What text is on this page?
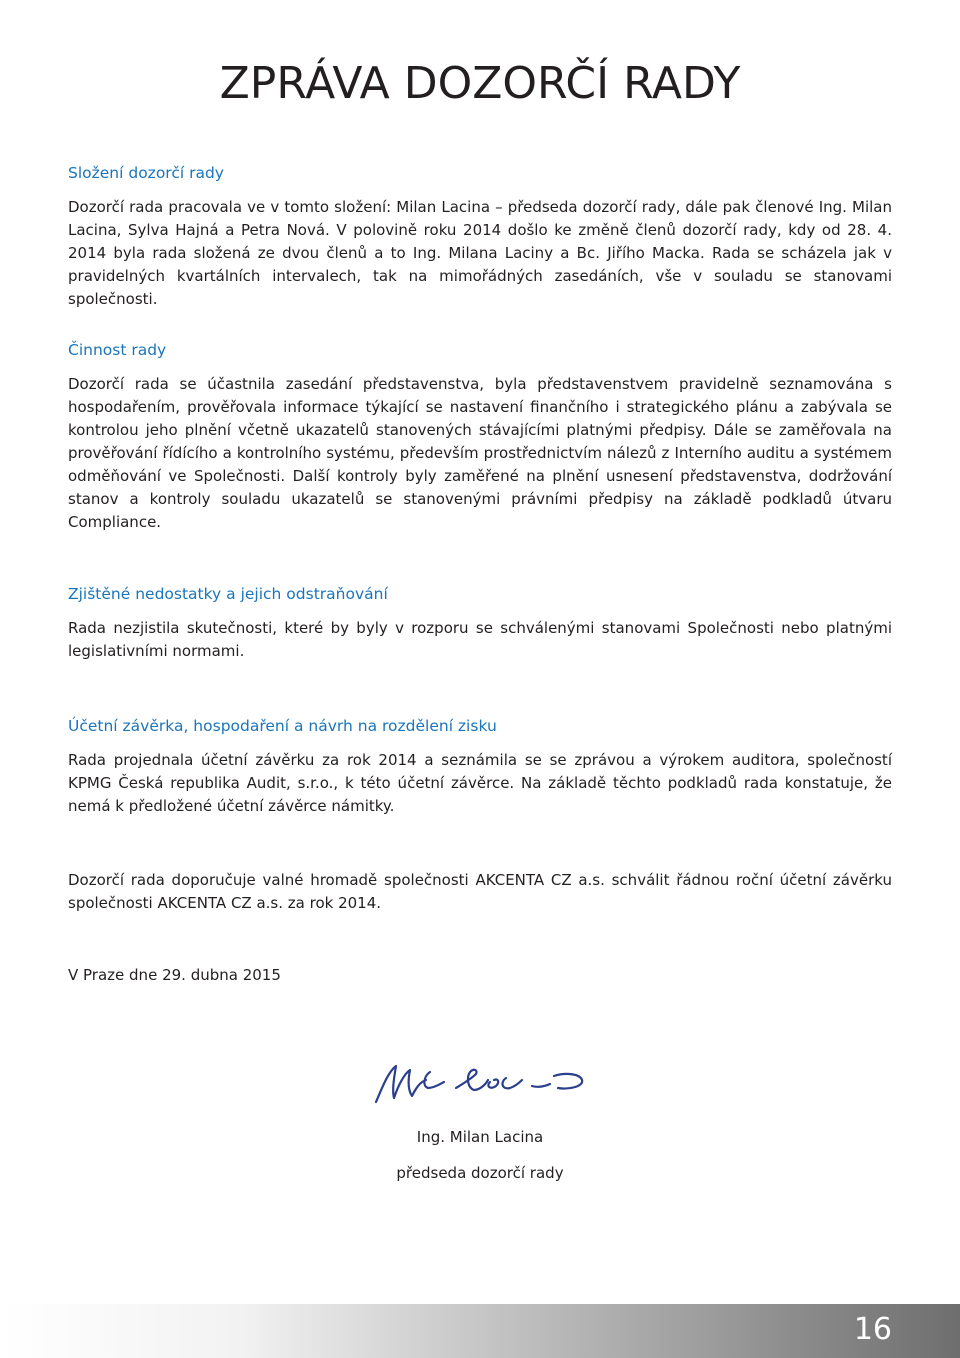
ZPRÁVA DOZORČÍ RADY
Složení dozorčí rady

Dozorčí rada pracovala ve v tomto složení: Milan Lacina – předseda dozorčí rady, dále pak členové Ing. Milan Lacina, Sylva Hajná a Petra Nová. V polovině roku 2014 došlo ke změně členů dozorčí rady, kdy od 28. 4. 2014 byla rada složená ze dvou členů a to Ing. Milana Laciny a Bc. Jiřího Macka. Rada se scházela jak v pravidelných kvartálních intervalech, tak na mimořádných zasedáních, vše v souladu se stanovami společnosti.

Činnost rady

Dozorčí rada se účastnila zasedání představenstva, byla představenstvem pravidelně seznamována s hospodařením, prověřovala informace týkající se nastavení finančního i strategického plánu a zabývala se kontrolou jeho plnění včetně ukazatelů stanovených stávajícími platnými předpisy. Dále se zaměřovala na prověřování řídícího a kontrolního systému, především prostřednictvím nálezů z Interního auditu a systémem odměňování ve Společnosti. Další kontroly byly zaměřené na plnění usnesení představenstva, dodržování stanov a kontroly souladu ukazatelů se stanovenými právními předpisy na základě podkladů útvaru Compliance.

Zjištěné nedostatky a jejich odstraňování

Rada nezjistila skutečnosti, které by byly v rozporu se schválenými stanovami Společnosti nebo platnými legislativními normami.

Účetní závěrka, hospodaření a návrh na rozdělení zisku

Rada projednala účetní závěrku za rok 2014 a seznámila se se zprávou a výrokem auditora, společností KPMG Česká republika Audit, s.r.o., k této účetní závěrce. Na základě těchto podkladů rada konstatuje, že nemá k předložené účetní závěrce námitky.

Dozorčí rada doporučuje valné hromadě společnosti AKCENTA CZ a.s. schválit řádnou roční účetní závěrku společnosti AKCENTA CZ a.s. za rok 2014.

V Praze dne 29. dubna 2015

Ing. Milan Lacina
předseda dozorčí rady
16
